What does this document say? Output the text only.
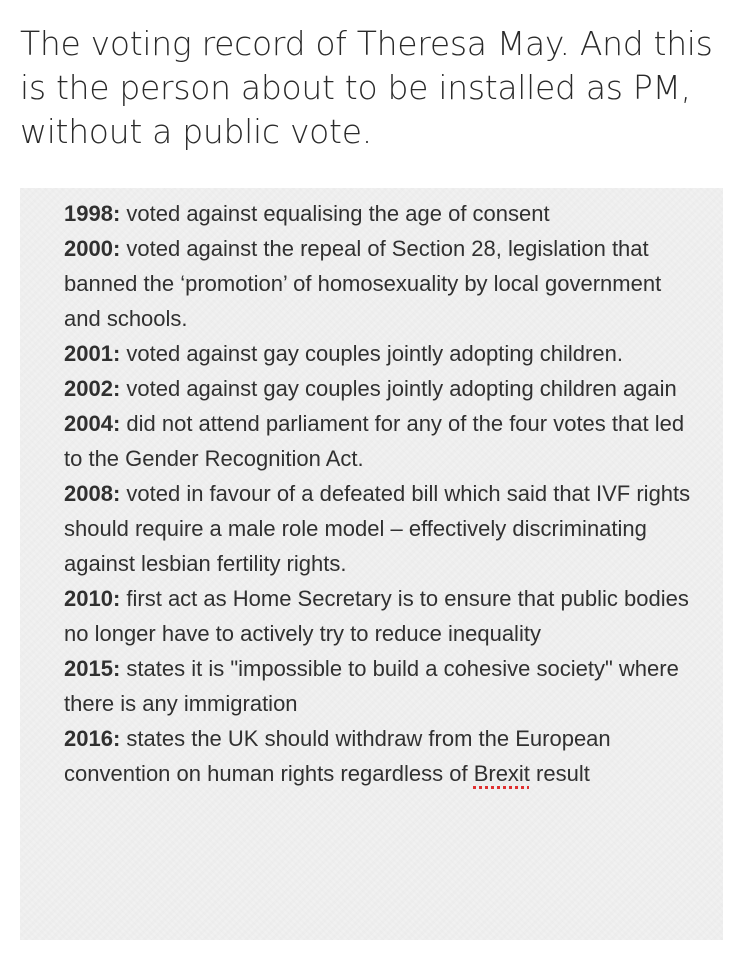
The voting record of Theresa May. And this is the person about to be installed as PM, without a public vote.

1998: voted against equalising the age of consent

2000: voted against the repeal of Section 28, legislation that banned the ‘promotion’ of homosexuality by local government and schools.

2001: voted against gay couples jointly adopting children.

2002: voted against gay couples jointly adopting children again

2004: did not attend parliament for any of the four votes that led to the Gender Recognition Act.

2008: voted in favour of a defeated bill which said that IVF rights should require a male role model – effectively discriminating against lesbian fertility rights.

2010: first act as Home Secretary is to ensure that public bodies no longer have to actively try to reduce inequality

2015: states it is "impossible to build a cohesive society" where there is any immigration

2016: states the UK should withdraw from the European convention on human rights regardless of Brexit result
